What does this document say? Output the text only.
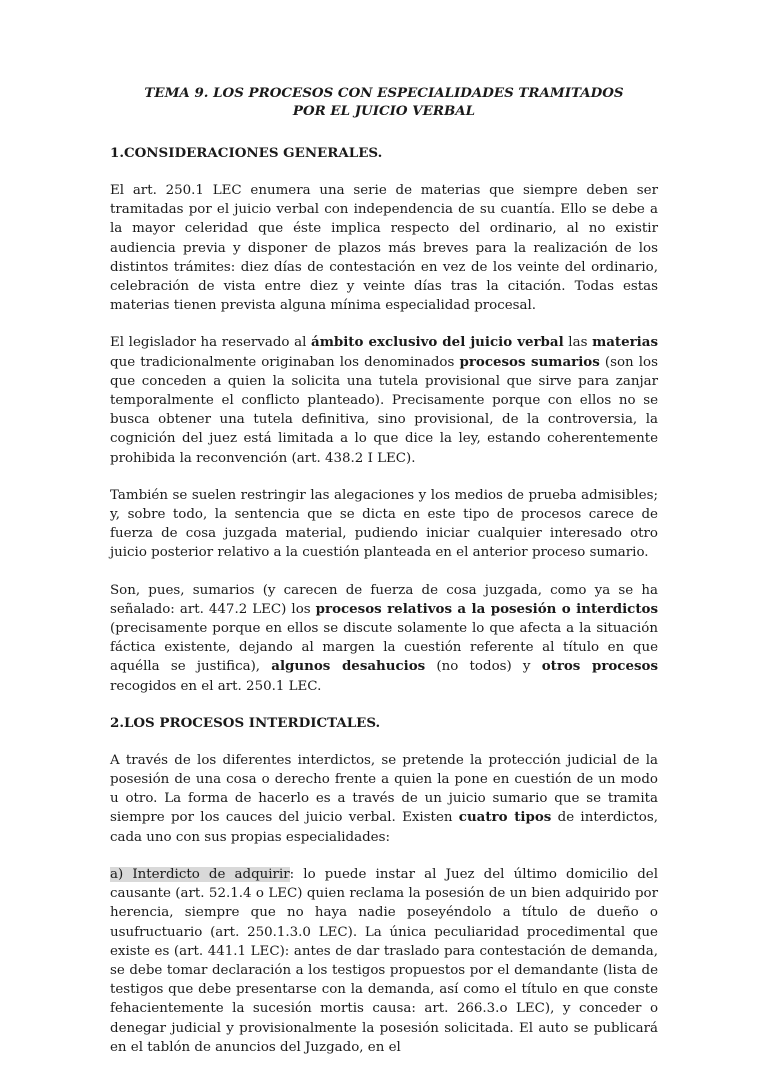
TEMA 9. LOS PROCESOS CON ESPECIALIDADES TRAMITADOS POR EL JUICIO VERBAL
1.CONSIDERACIONES GENERALES.

El art. 250.1 LEC enumera una serie de materias que siempre deben ser tramitadas por el juicio verbal con independencia de su cuantía. Ello se debe a la mayor celeridad que éste implica respecto del ordinario, al no existir audiencia previa y disponer de plazos más breves para la realización de los distintos trámites: diez días de contestación en vez de los veinte del ordinario, celebración de vista entre diez y veinte días tras la citación. Todas estas materias tienen prevista alguna mínima especialidad procesal.

El legislador ha reservado al ámbito exclusivo del juicio verbal las materias que tradicionalmente originaban los denominados procesos sumarios (son los que conceden a quien la solicita una tutela provisional que sirve para zanjar temporalmente el conflicto planteado). Precisamente porque con ellos no se busca obtener una tutela definitiva, sino provisional, de la controversia, la cognición del juez está limitada a lo que dice la ley, estando coherentemente prohibida la reconvención (art. 438.2 I LEC).

También se suelen restringir las alegaciones y los medios de prueba admisibles; y, sobre todo, la sentencia que se dicta en este tipo de procesos carece de fuerza de cosa juzgada material, pudiendo iniciar cualquier interesado otro juicio posterior relativo a la cuestión planteada en el anterior proceso sumario.

Son, pues, sumarios (y carecen de fuerza de cosa juzgada, como ya se ha señalado: art. 447.2 LEC) los procesos relativos a la posesión o interdictos (precisamente porque en ellos se discute solamente lo que afecta a la situación fáctica existente, dejando al margen la cuestión referente al título en que aquélla se justifica), algunos desahucios (no todos) y otros procesos recogidos en el art. 250.1 LEC.

2.LOS PROCESOS INTERDICTALES.

A través de los diferentes interdictos, se pretende la protección judicial de la posesión de una cosa o derecho frente a quien la pone en cuestión de un modo u otro. La forma de hacerlo es a través de un juicio sumario que se tramita siempre por los cauces del juicio verbal. Existen cuatro tipos de interdictos, cada uno con sus propias especialidades:

a) Interdicto de adquirir: lo puede instar al Juez del último domicilio del causante (art. 52.1.4 o LEC) quien reclama la posesión de un bien adquirido por herencia, siempre que no haya nadie poseyéndolo a título de dueño o usufructuario (art. 250.1.3.0 LEC). La única peculiaridad procedimental que existe es (art. 441.1 LEC): antes de dar traslado para contestación de demanda, se debe tomar declaración a los testigos propuestos por el demandante (lista de testigos que debe presentarse con la demanda, así como el título en que conste fehacientemente la sucesión mortis causa: art. 266.3.o LEC), y conceder o denegar judicial y provisionalmente la posesión solicitada. El auto se publicará en el tablón de anuncios del Juzgado, en el
